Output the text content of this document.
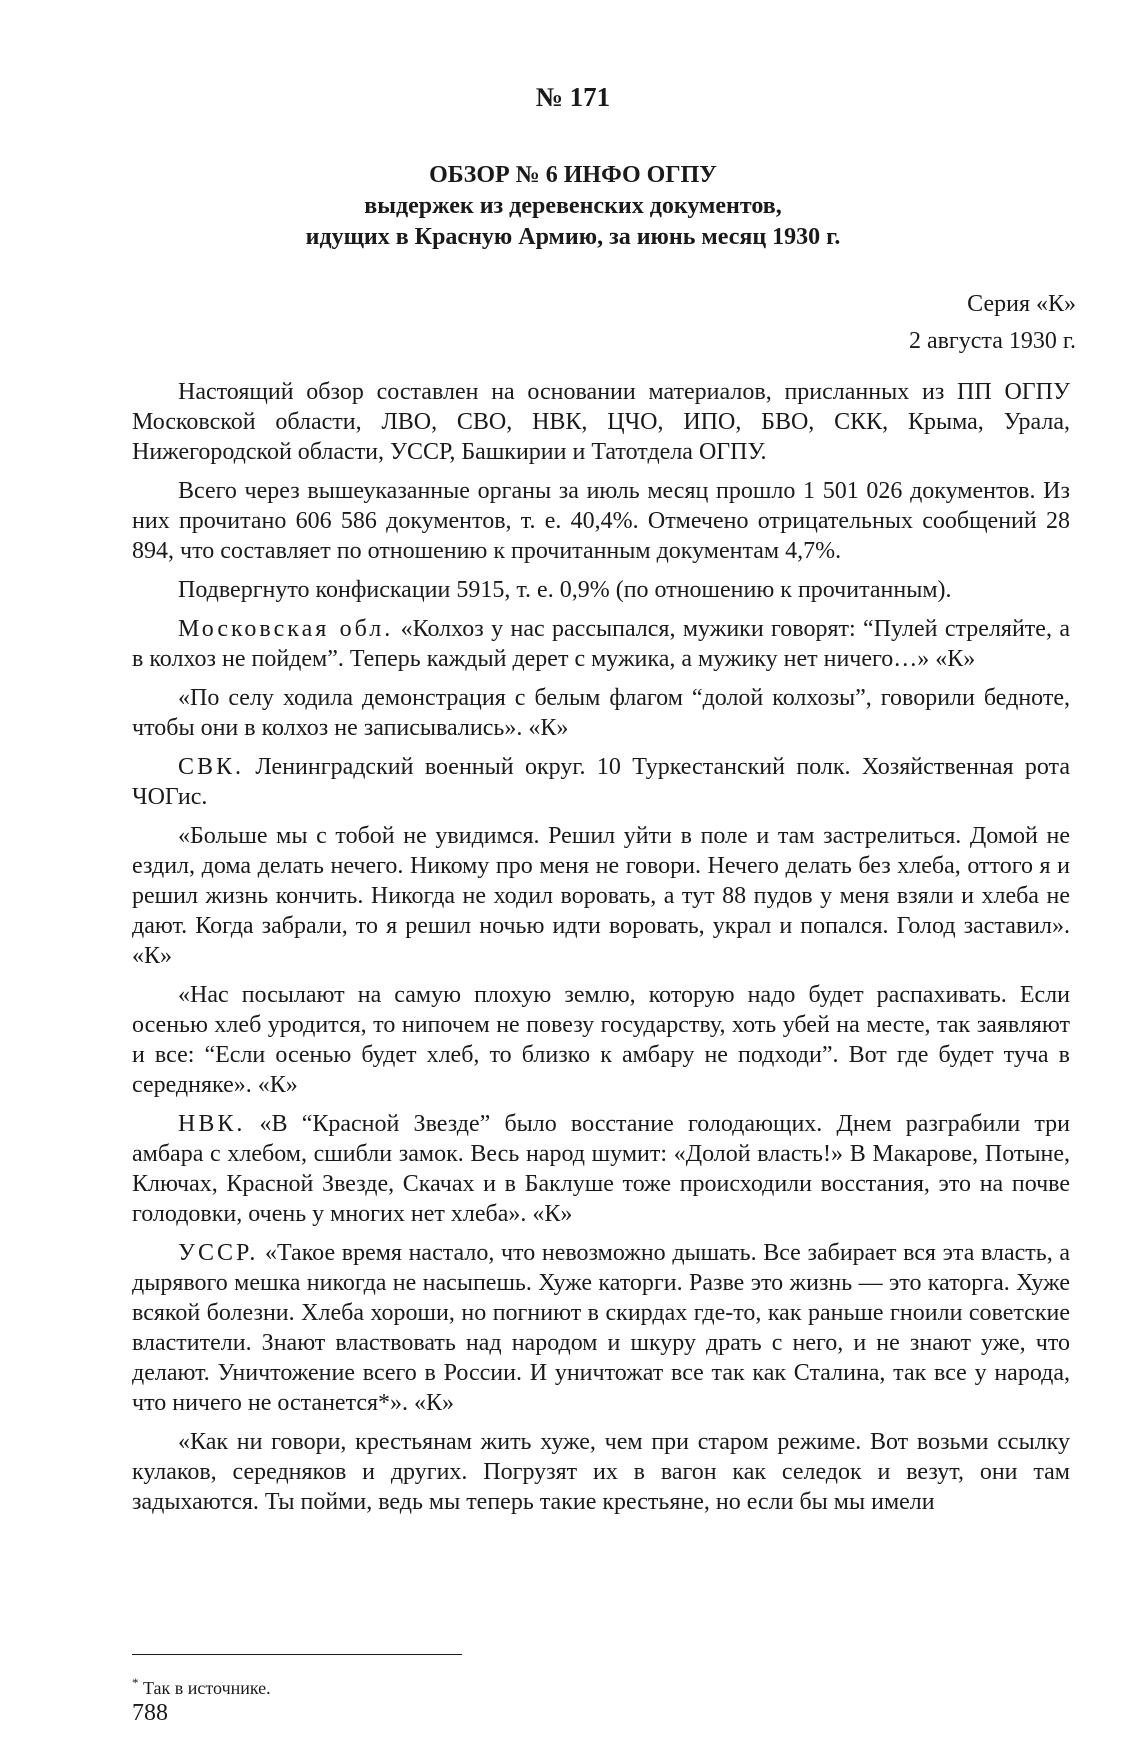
№ 171
ОБЗОР № 6 ИНФО ОГПУ
выдержек из деревенских документов,
идущих в Красную Армию, за июнь месяц 1930 г.
Серия «К»
2 августа 1930 г.

Настоящий обзор составлен на основании материалов, присланных из ПП ОГПУ Московской области, ЛВО, СВО, НВК, ЦЧО, ИПО, БВО, СКК, Крыма, Урала, Нижегородской области, УССР, Башкирии и Татотдела ОГПУ.

Всего через вышеуказанные органы за июль месяц прошло 1 501 026 документов. Из них прочитано 606 586 документов, т. е. 40,4%. Отмечено отрицательных сообщений 28 894, что составляет по отношению к прочитанным документам 4,7%.

Подвергнуто конфискации 5915, т. е. 0,9% (по отношению к прочитанным).

Московская обл. «Колхоз у нас рассыпался, мужики говорят: “Пулей стреляйте, а в колхоз не пойдем”. Теперь каждый дерет с мужика, а мужику нет ничего…» «К»

«По селу ходила демонстрация с белым флагом “долой колхозы”, говорили бедноте, чтобы они в колхоз не записывались». «К»

СВК. Ленинградский военный округ. 10 Туркестанский полк. Хозяйственная рота ЧОГис.

«Больше мы с тобой не увидимся. Решил уйти в поле и там застрелиться. Домой не ездил, дома делать нечего. Никому про меня не говори. Нечего делать без хлеба, оттого я и решил жизнь кончить. Никогда не ходил воровать, а тут 88 пудов у меня взяли и хлеба не дают. Когда забрали, то я решил ночью идти воровать, украл и попался. Голод заставил». «К»

«Нас посылают на самую плохую землю, которую надо будет распахивать. Если осенью хлеб уродится, то нипочем не повезу государству, хоть убей на месте, так заявляют и все: “Если осенью будет хлеб, то близко к амбару не подходи”. Вот где будет туча в середняке». «К»

НВК. «В “Красной Звезде” было восстание голодающих. Днем разграбили три амбара с хлебом, сшибли замок. Весь народ шумит: «Долой власть!» В Макарове, Потыне, Ключах, Красной Звезде, Скачах и в Баклуше тоже происходили восстания, это на почве голодовки, очень у многих нет хлеба». «К»

УССР. «Такое время настало, что невозможно дышать. Все забирает вся эта власть, а дырявого мешка никогда не насыпешь. Хуже каторги. Разве это жизнь — это каторга. Хуже всякой болезни. Хлеба хороши, но погниют в скирдах где-то, как раньше гноили советские властители. Знают властвовать над народом и шкуру драть с него, и не знают уже, что делают. Уничтожение всего в России. И уничтожат все так как Сталина, так все у народа, что ничего не останется*». «К»

«Как ни говори, крестьянам жить хуже, чем при старом режиме. Вот возьми ссылку кулаков, середняков и других. Погрузят их в вагон как селедок и везут, они там задыхаются. Ты пойми, ведь мы теперь такие крестьяне, но если бы мы имели

* Так в источнике.
788
